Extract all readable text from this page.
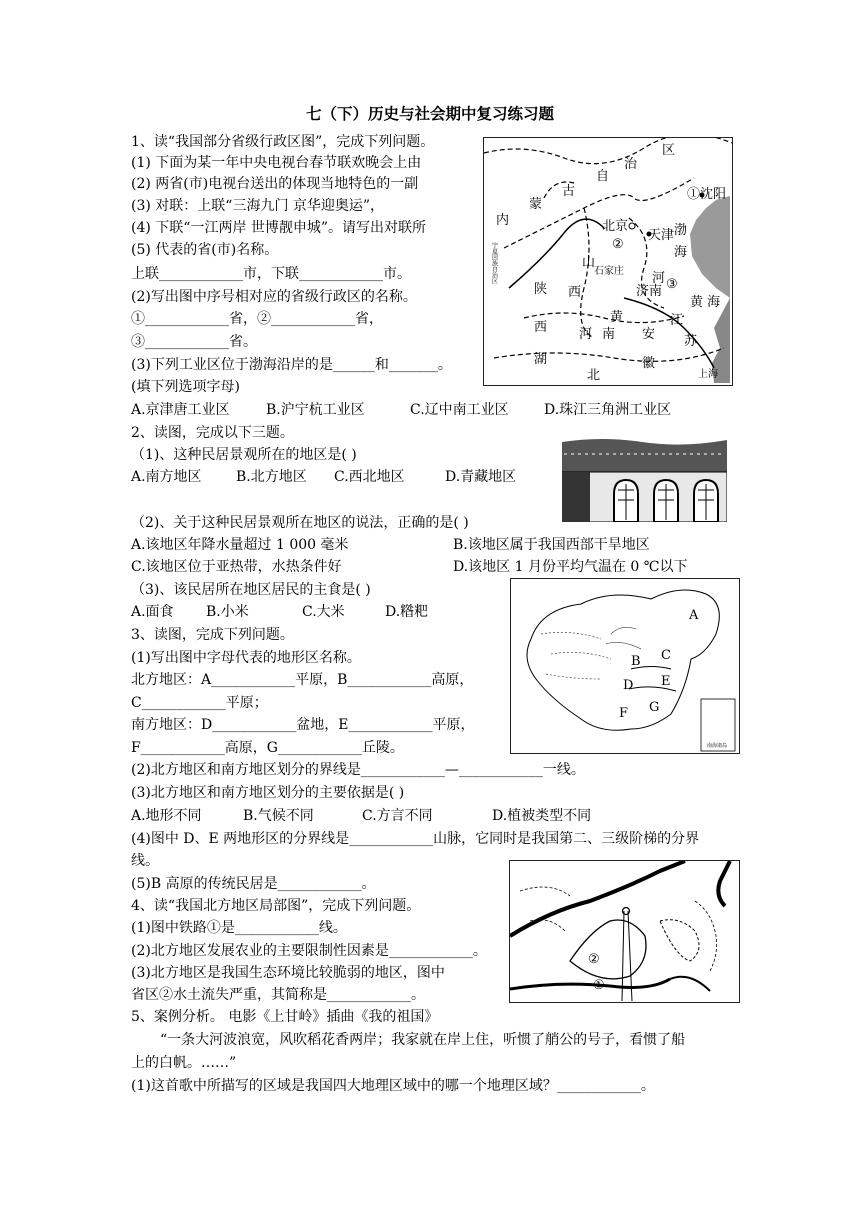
七（下）历史与社会期中复习练习题
1、读“我国部分省级行政区图”，完成下列问题。
(1) 下面为某一年中央电视台春节联欢晚会上由
(2) 两省(市)电视台送出的体现当地特色的一副
(3) 对联：上联“三海九门 京华迎奥运”，
(4) 下联“一江两岸 世博靓申城”。请写出对联所
(5) 代表的省(市)名称。
上联____________市，下联____________市。
(2)写出图中序号相对应的省级行政区的名称。
①____________省，②____________省，
③____________省。
(3)下列工业区位于渤海沿岸的是______和_______。
(填下列选项字母)
A.京津唐工业区	B.沪宁杭工业区	C.辽中南工业区	D.珠江三角洲工业区
区
治
自
古	①沈阳
内
蒙
北京
天津 渤
②
海
山
石家庄 河
济南 ③
黄 海
陕 西
黄	江
西 河 南 安 苏
湖
北
徽
上海
宁夏回族自治区
2、读图，完成以下三题。
（1)、这种民居景观所在的地区是( )
A.南方地区 B.北方地区 C.西北地区	D.青藏地区
（2)、关于这种民居景观所在地区的说法，正确的是( )
A.该地区年降水量超过 1 000 毫米	B.该地区属于我国西部干旱地区
C.该地区位于亚热带，水热条件好	D.该地区 1 月份平均气温在 0 ℃以下
（3)、该民居所在地区居民的主食是( )
A.面食 B.小米	C.大米	D.糌粑
3、读图，完成下列问题。
(1)写出图中字母代表的地形区名称。
北方地区：A____________平原，B____________高原，
C____________平原；
南方地区：D____________盆地，E____________平原，
F____________高原，G____________丘陵。
(2)北方地区和南方地区划分的界线是____________—____________一线。
(3)北方地区和南方地区划分的主要依据是( )
A.地形不同	B.气候不同	C.方言不同	D.植被类型不同
(4)图中 D、E 两地形区的分界线是____________山脉，它同时是我国第二、三级阶梯的分界
线。
(5)B 高原的传统民居是____________。
A
B C
D E
F G
南海诸岛
4、读“我国北方地区局部图”，完成下列问题。
(1)图中铁路①是____________线。
(2)北方地区发展农业的主要限制性因素是____________。
(3)北方地区是我国生态环境比较脆弱的地区，图中
省区②水土流失严重，其简称是____________。
②
①
5、案例分析。 电影《上甘岭》插曲《我的祖国》
“一条大河波浪宽，风吹稻花香两岸；我家就在岸上住，听惯了艄公的号子，看惯了船
上的白帆。……”
(1)这首歌中所描写的区域是我国四大地理区域中的哪一个地理区域？____________。
